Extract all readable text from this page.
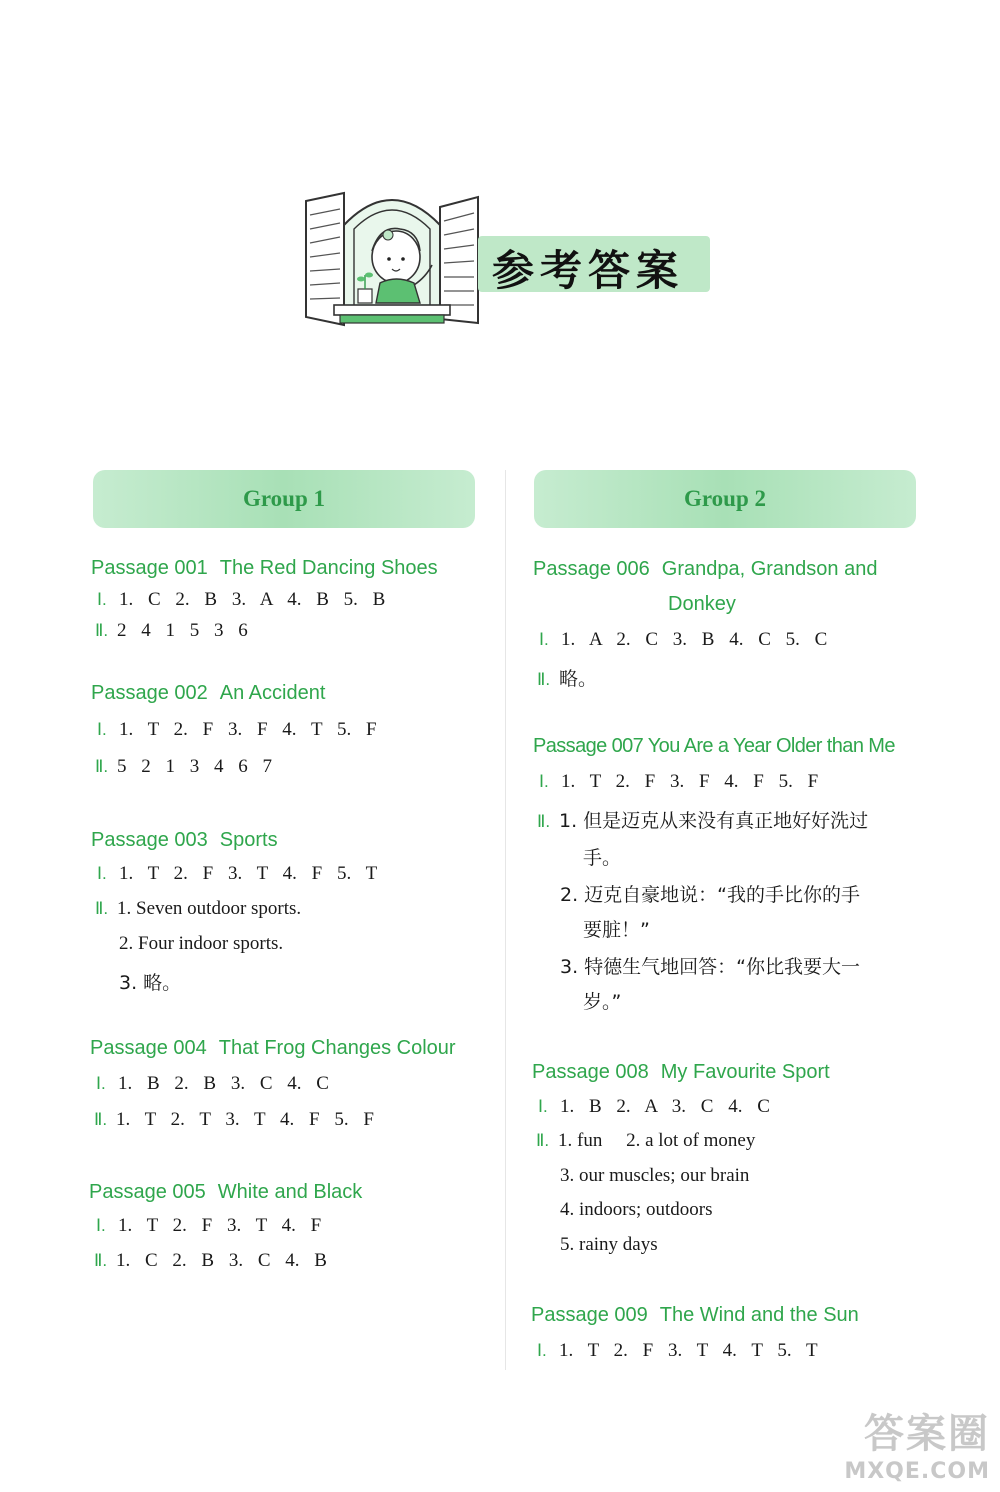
参考答案
Group 1	Group 2
Passage 001 The Red Dancing Shoes
Ⅰ. 1. C 2. B 3. A 4. B 5. B
Ⅱ. 2 4 1 5 3 6
Passage 002 An Accident
Ⅰ. 1. T 2. F 3. F 4. T 5. F
Ⅱ. 5 2 1 3 4 6 7
Passage 003 Sports
Ⅰ. 1. T 2. F 3. T 4. F 5. T
Ⅱ. 1. Seven outdoor sports.
2. Four indoor sports.
3. 略。
Passage 004 That Frog Changes Colour
Ⅰ. 1. B 2. B 3. C 4. C
Ⅱ. 1. T 2. T 3. T 4. F 5. F
Passage 005 White and Black
Ⅰ. 1. T 2. F 3. T 4. F
Ⅱ. 1. C 2. B 3. C 4. B
Passage 006 Grandpa, Grandson and
Donkey
Ⅰ. 1. A 2. C 3. B 4. C 5. C
Ⅱ. 略。
Passage 007 You Are a Year Older than Me
Ⅰ. 1. T 2. F 3. F 4. F 5. F
Ⅱ. 1. 但是迈克从来没有真正地好好洗过
手。
2. 迈克自豪地说：“我的手比你的手
要脏！”
3. 特德生气地回答：“你比我要大一
岁。”
Passage 008 My Favourite Sport
Ⅰ. 1. B 2. A 3. C 4. C
Ⅱ. 1. fun     2. a lot of money
3. our muscles; our brain
4. indoors; outdoors
5. rainy days
Passage 009 The Wind and the Sun
Ⅰ. 1. T 2. F 3. T 4. T 5. T
答案圈
MXQE.COM
